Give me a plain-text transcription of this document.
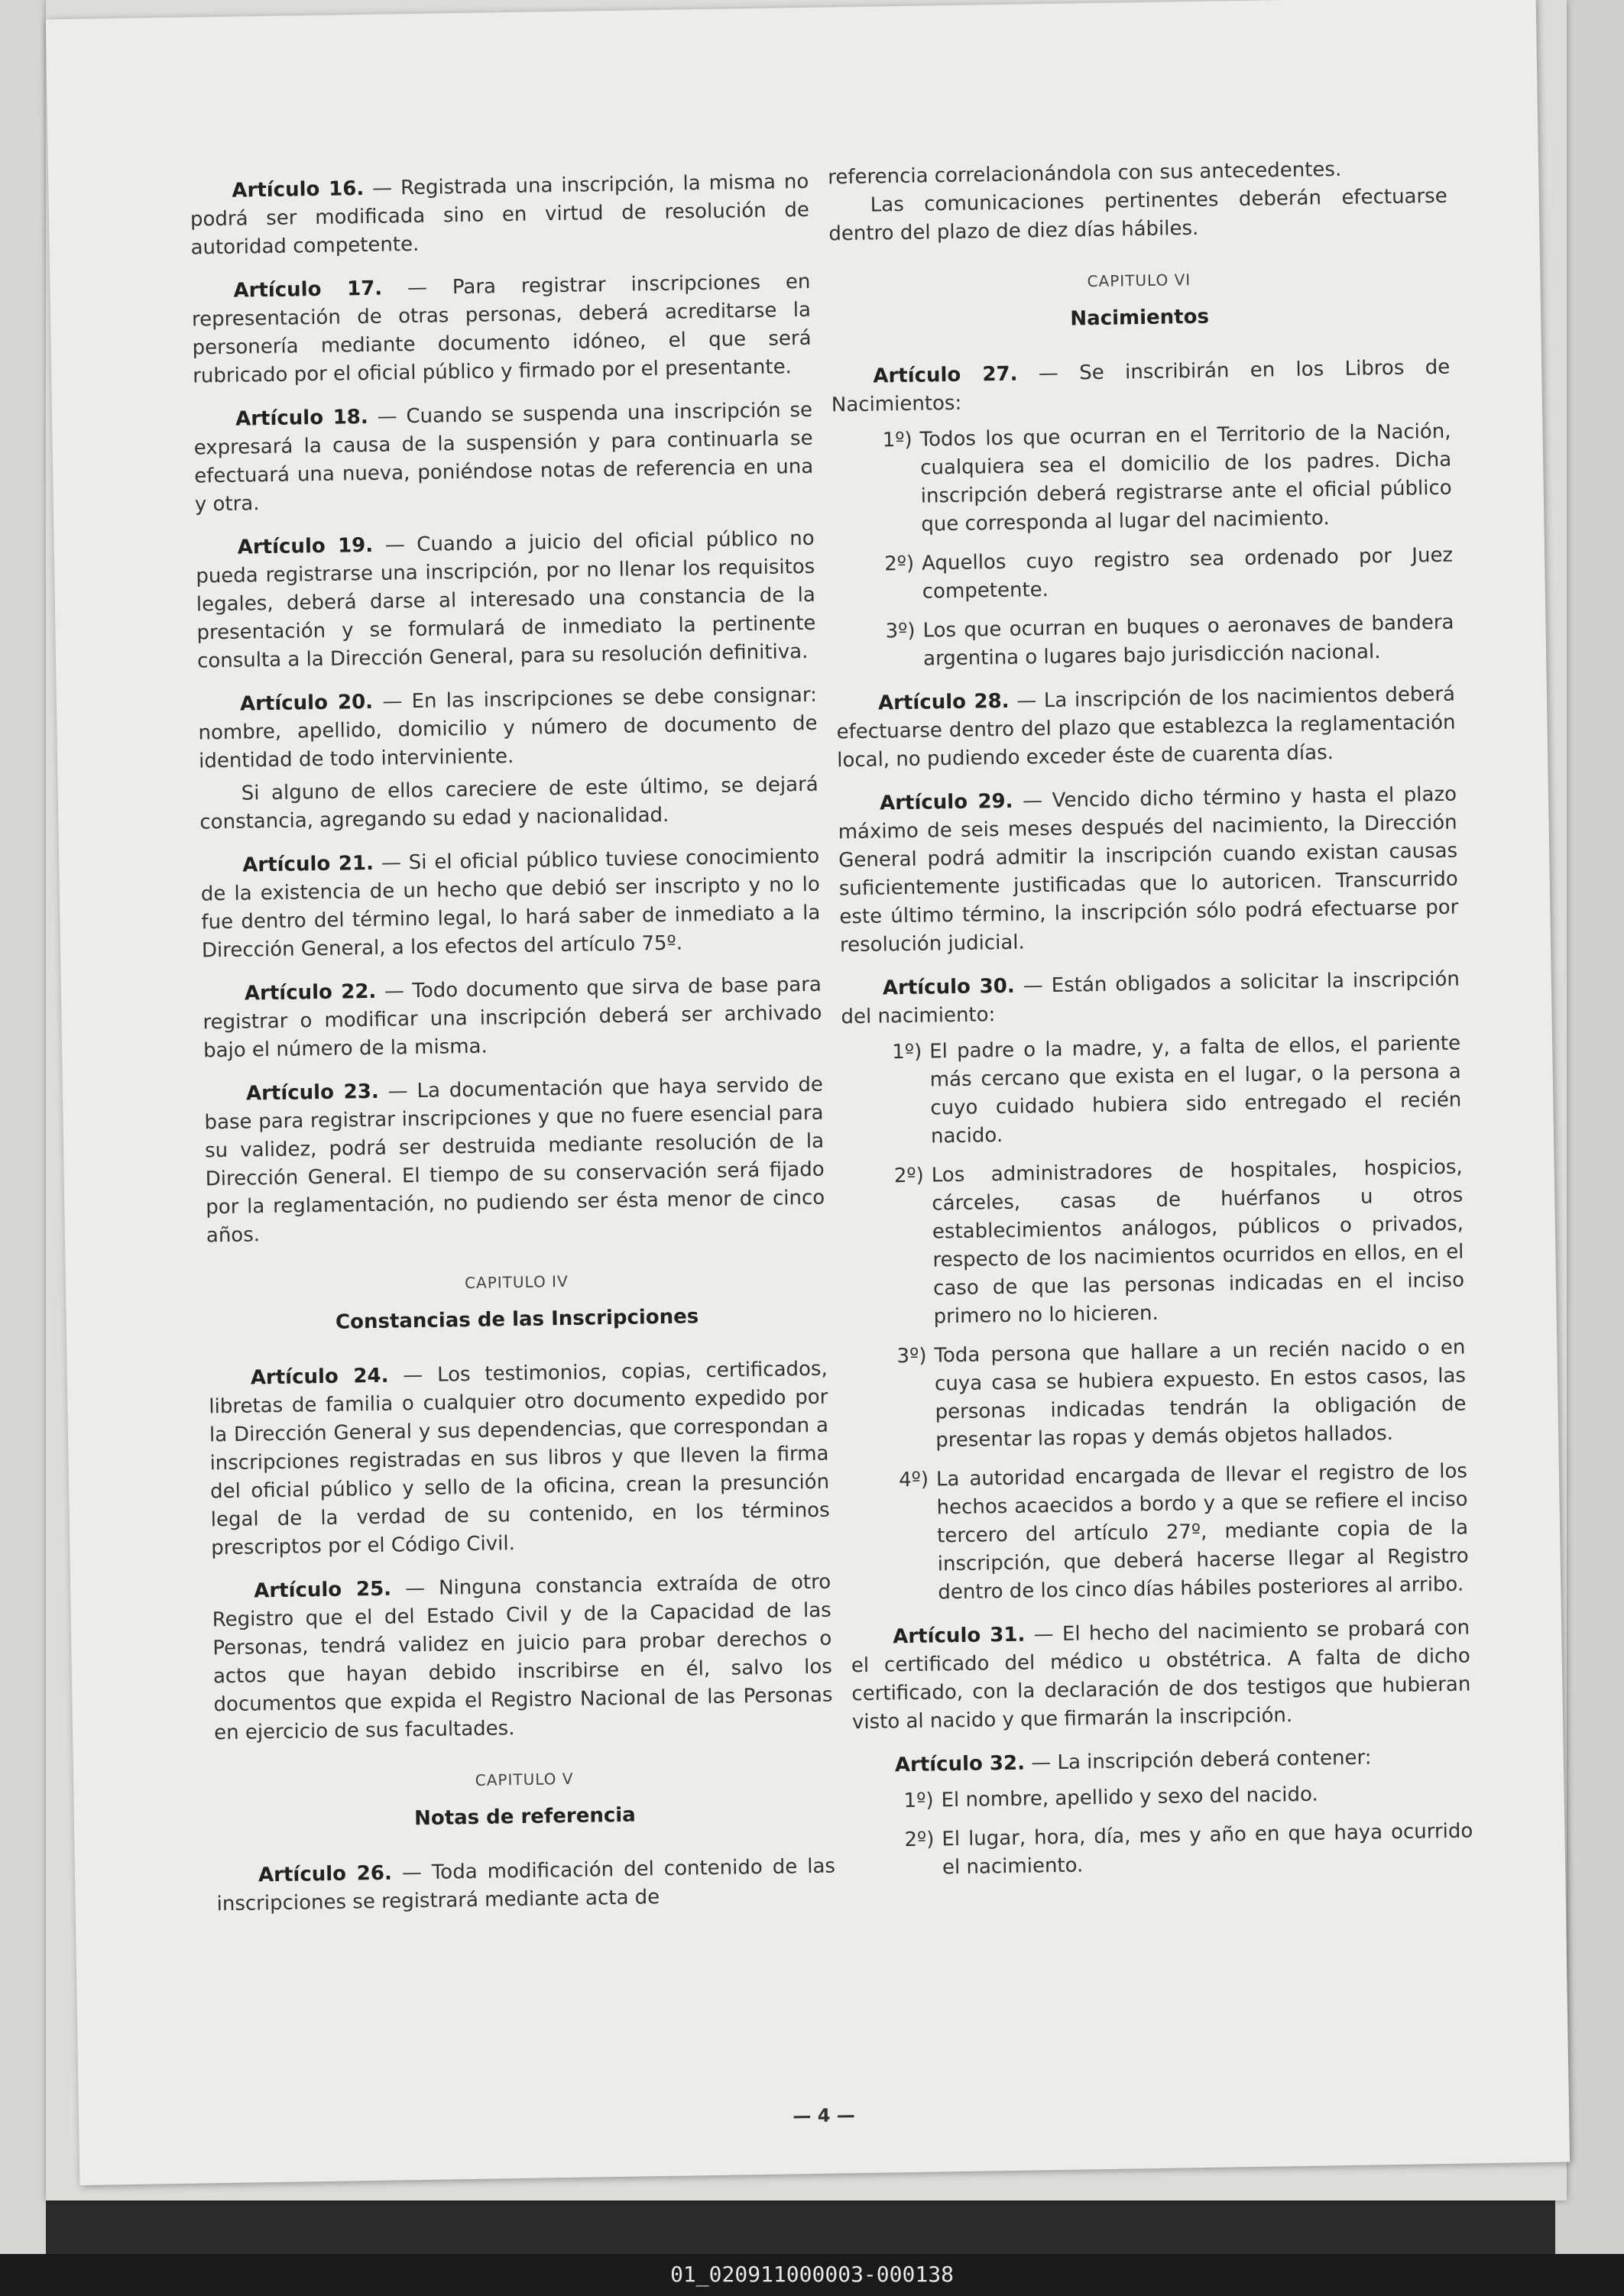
Artículo 16. — Registrada una inscripción, la misma no podrá ser modificada sino en virtud de resolución de autoridad competente.

Artículo 17. — Para registrar inscripciones en representación de otras personas, deberá acreditarse la personería mediante documento idóneo, el que será rubricado por el oficial público y firmado por el presentante.

Artículo 18. — Cuando se suspenda una inscripción se expresará la causa de la suspensión y para continuarla se efectuará una nueva, poniéndose notas de referencia en una y otra.

Artículo 19. — Cuando a juicio del oficial público no pueda registrarse una inscripción, por no llenar los requisitos legales, deberá darse al interesado una constancia de la presentación y se formulará de inmediato la pertinente consulta a la Dirección General, para su resolución definitiva.

Artículo 20. — En las inscripciones se debe consignar: nombre, apellido, domicilio y número de documento de identidad de todo interviniente.

Si alguno de ellos careciere de este último, se dejará constancia, agregando su edad y nacionalidad.

Artículo 21. — Si el oficial público tuviese conocimiento de la existencia de un hecho que debió ser inscripto y no lo fue dentro del término legal, lo hará saber de inmediato a la Dirección General, a los efectos del artículo 75º.

Artículo 22. — Todo documento que sirva de base para registrar o modificar una inscripción deberá ser archivado bajo el número de la misma.

Artículo 23. — La documentación que haya servido de base para registrar inscripciones y que no fuere esencial para su validez, podrá ser destruida mediante resolución de la Dirección General. El tiempo de su conservación será fijado por la reglamentación, no pudiendo ser ésta menor de cinco años.

CAPITULO IV
Constancias de las Inscripciones

Artículo 24. — Los testimonios, copias, certificados, libretas de familia o cualquier otro documento expedido por la Dirección General y sus dependencias, que correspondan a inscripciones registradas en sus libros y que lleven la firma del oficial público y sello de la oficina, crean la presunción legal de la verdad de su contenido, en los términos prescriptos por el Código Civil.

Artículo 25. — Ninguna constancia extraída de otro Registro que el del Estado Civil y de la Capacidad de las Personas, tendrá validez en juicio para probar derechos o actos que hayan debido inscribirse en él, salvo los documentos que expida el Registro Nacional de las Personas en ejercicio de sus facultades.

CAPITULO V
Notas de referencia

Artículo 26. — Toda modificación del contenido de las inscripciones se registrará mediante acta de

referencia correlacionándola con sus antecedentes.

Las comunicaciones pertinentes deberán efectuarse dentro del plazo de diez días hábiles.

CAPITULO VI
Nacimientos

Artículo 27. — Se inscribirán en los Libros de Nacimientos:

1º) Todos los que ocurran en el Territorio de la Nación, cualquiera sea el domicilio de los padres. Dicha inscripción deberá registrarse ante el oficial público que corresponda al lugar del nacimiento.
2º) Aquellos cuyo registro sea ordenado por Juez competente.
3º) Los que ocurran en buques o aeronaves de bandera argentina o lugares bajo jurisdicción nacional.

Artículo 28. — La inscripción de los nacimientos deberá efectuarse dentro del plazo que establezca la reglamentación local, no pudiendo exceder éste de cuarenta días.

Artículo 29. — Vencido dicho término y hasta el plazo máximo de seis meses después del nacimiento, la Dirección General podrá admitir la inscripción cuando existan causas suficientemente justificadas que lo autoricen. Transcurrido este último término, la inscripción sólo podrá efectuarse por resolución judicial.

Artículo 30. — Están obligados a solicitar la inscripción del nacimiento:

1º) El padre o la madre, y, a falta de ellos, el pariente más cercano que exista en el lugar, o la persona a cuyo cuidado hubiera sido entregado el recién nacido.
2º) Los administradores de hospitales, hospicios, cárceles, casas de huérfanos u otros establecimientos análogos, públicos o privados, respecto de los nacimientos ocurridos en ellos, en el caso de que las personas indicadas en el inciso primero no lo hicieren.
3º) Toda persona que hallare a un recién nacido o en cuya casa se hubiera expuesto. En estos casos, las personas indicadas tendrán la obligación de presentar las ropas y demás objetos hallados.
4º) La autoridad encargada de llevar el registro de los hechos acaecidos a bordo y a que se refiere el inciso tercero del artículo 27º, mediante copia de la inscripción, que deberá hacerse llegar al Registro dentro de los cinco días hábiles posteriores al arribo.

Artículo 31. — El hecho del nacimiento se probará con el certificado del médico u obstétrica. A falta de dicho certificado, con la declaración de dos testigos que hubieran visto al nacido y que firmarán la inscripción.

Artículo 32. — La inscripción deberá contener:

1º) El nombre, apellido y sexo del nacido.
2º) El lugar, hora, día, mes y año en que haya ocurrido el nacimiento.
— 4 —
01_020911000003-000138
